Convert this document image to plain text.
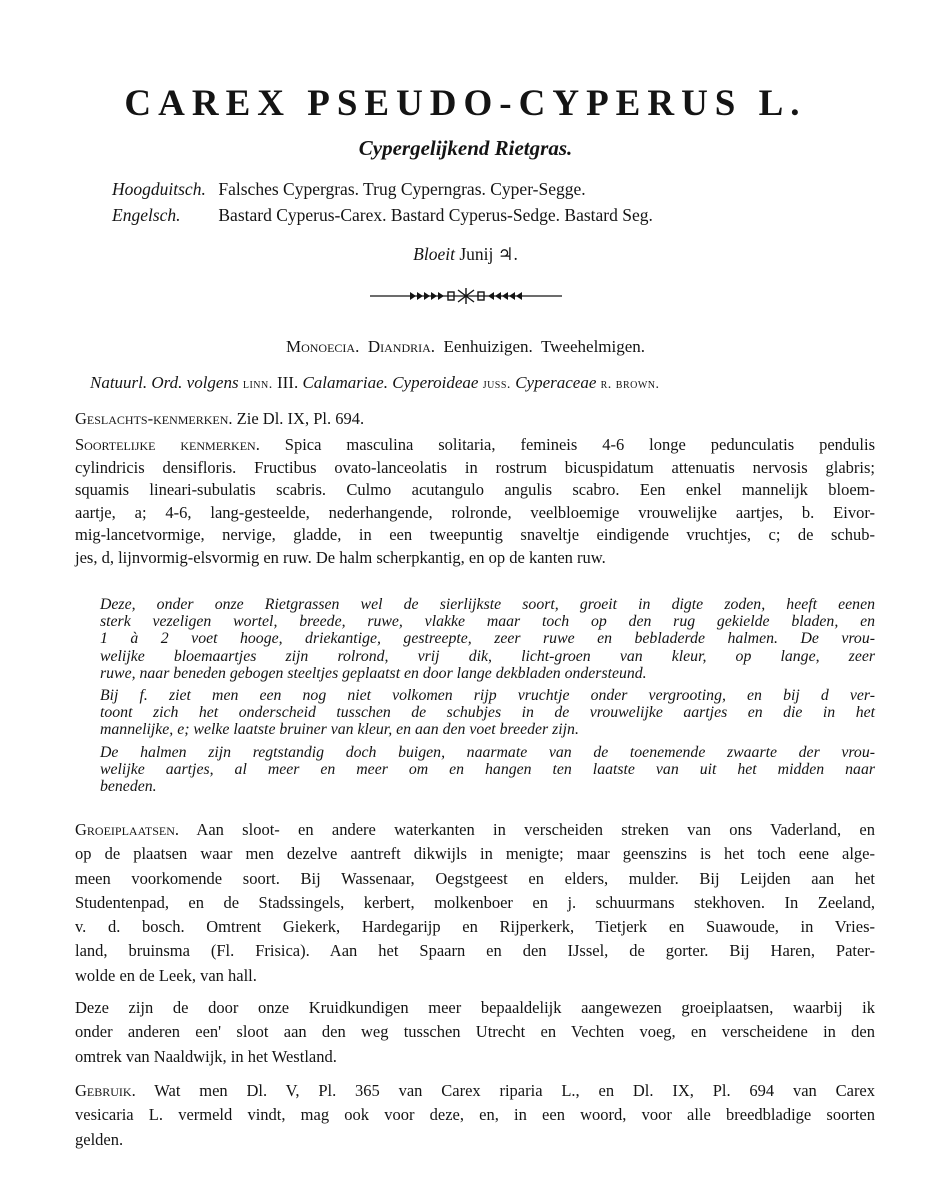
CAREX PSEUDO-CYPERUS L.
Cypergelijkend Rietgras.
Hoogduitsch. Falsches Cypergras. Trug Cyperngras. Cyper-Segge.
Engelsch. Bastard Cyperus-Carex. Bastard Cyperus-Sedge. Bastard Seg.
Bloeit Junij ♃.
Monoecia. Diandria. Eenhuizigen. Tweehelmigen.
Natuurl. Ord. volgens linn. III. Calamariae. Cyperoideae juss. Cyperaceae r. brown.
Geslachts-kenmerken. Zie Dl. IX, Pl. 694.
Soortelijke kenmerken. Spica masculina solitaria, femineis 4-6 longe pedunculatis pendulis
cylindricis densifloris. Fructibus ovato-lanceolatis in rostrum bicuspidatum attenuatis nervosis glabris;
squamis lineari-subulatis scabris. Culmo acutangulo angulis scabro. Een enkel mannelijk bloem-
aartje, a; 4-6, lang-gesteelde, nederhangende, rolronde, veelbloemige vrouwelijke aartjes, b. Eivor-
mig-lancetvormige, nervige, gladde, in een tweepuntig snaveltje eindigende vruchtjes, c; de schub-
jes, d, lijnvormig-elsvormig en ruw. De halm scherpkantig, en op de kanten ruw.
Deze, onder onze Rietgrassen wel de sierlijkste soort, groeit in digte zoden, heeft eenen
sterk vezeligen wortel, breede, ruwe, vlakke maar toch op den rug gekielde bladen, en
1 à 2 voet hooge, driekantige, gestreepte, zeer ruwe en bebladerde halmen. De vrou-
welijke bloemaartjes zijn rolrond, vrij dik, licht-groen van kleur, op lange, zeer
ruwe, naar beneden gebogen steeltjes geplaatst en door lange dekbladen ondersteund.
Bij f. ziet men een nog niet volkomen rijp vruchtje onder vergrooting, en bij d ver-
toont zich het onderscheid tusschen de schubjes in de vrouwelijke aartjes en die in het
mannelijke, e; welke laatste bruiner van kleur, en aan den voet breeder zijn.
De halmen zijn regtstandig doch buigen, naarmate van de toenemende zwaarte der vrou-
welijke aartjes, al meer en meer om en hangen ten laatste van uit het midden naar
beneden.
Groeiplaatsen. Aan sloot- en andere waterkanten in verscheiden streken van ons Vaderland, en
op de plaatsen waar men dezelve aantreft dikwijls in menigte; maar geenszins is het toch eene alge-
meen voorkomende soort. Bij Wassenaar, Oegstgeest en elders, mulder. Bij Leijden aan het
Studentenpad, en de Stadssingels, kerbert, molkenboer en j. schuurmans stekhoven. In Zeeland,
v. d. bosch. Omtrent Giekerk, Hardegarijp en Rijperkerk, Tietjerk en Suawoude, in Vries-
land, bruinsma (Fl. Frisica). Aan het Spaarn en den IJssel, de gorter. Bij Haren, Pater-
wolde en de Leek, van hall.
Deze zijn de door onze Kruidkundigen meer bepaaldelijk aangewezen groeiplaatsen, waarbij ik
onder anderen een' sloot aan den weg tusschen Utrecht en Vechten voeg, en verscheidene in den
omtrek van Naaldwijk, in het Westland.
Gebruik. Wat men Dl. V, Pl. 365 van Carex riparia L., en Dl. IX, Pl. 694 van Carex
vesicaria L. vermeld vindt, mag ook voor deze, en, in een woord, voor alle breedbladige soorten
gelden.
